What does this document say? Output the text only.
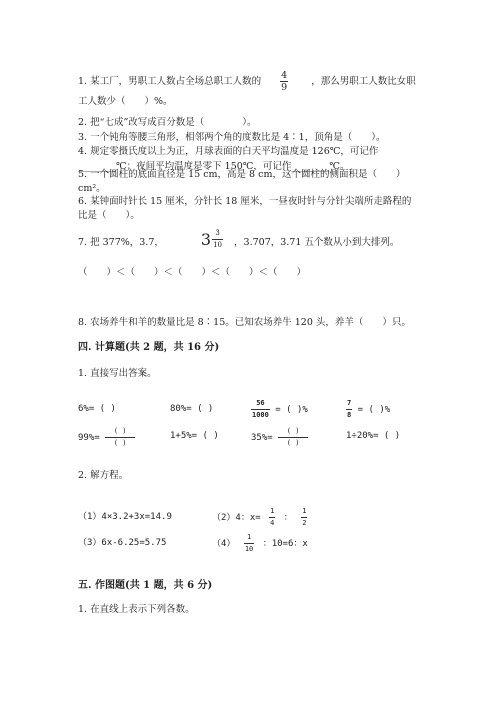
1. 某工厂，男职工人数占全场总职工人数的 $\frac{4}{9}$ ，那么男职工人数比女职
工人数少（　　）%。
2. 把“七成”改写成百分数是（　　　　）。
3. 一个钝角等腰三角形，相邻两个角的度数比是 4∶1，顶角是（　　）。
4. 规定零摄氏度以上为正，月球表面的白天平均温度是 126℃，可记作
________℃；夜间平均温度是零下 150℃，可记作________℃。
5. 一个圆柱的底面直径是 15 cm，高是 8 cm，这个圆柱的侧面积是（　　）
cm²。
6. 某钟面时针长 15 厘米，分针长 18 厘米，一昼夜时针与分针尖端所走路程的
比是（　　）。
7. 把 377%，3.7， $3 \frac{3}{10}$ ，3.707，3.71 五个数从小到大排列。
（　　）＜（　　）＜（　　）＜（　　）＜（　　）
8. 农场养牛和羊的数量比是 8∶15。已知农场养牛 120 头，养羊（　　）只。
四. 计算题(共 2 题，共 16 分)
1. 直接写出答案。
6%= ( )	80%= ( )	$\frac{56}{1000}$ = ( )%	$\frac{7}{8}$ = ( )%
$99\%= \frac{( )}{( )}$	1+5%= ( )	$35\%= \frac{( )}{( )}$	1÷20%= ( )
2. 解方程。
（1）4×3.2+3x=14.9	（2）4：$x= \frac{1}{4}$ ： $\frac{1}{2}$
（3）6x-6.25=5.75	$(4) \frac{1}{10}$ ：10=6：x
五. 作图题(共 1 题，共 6 分)
1. 在直线上表示下列各数。
